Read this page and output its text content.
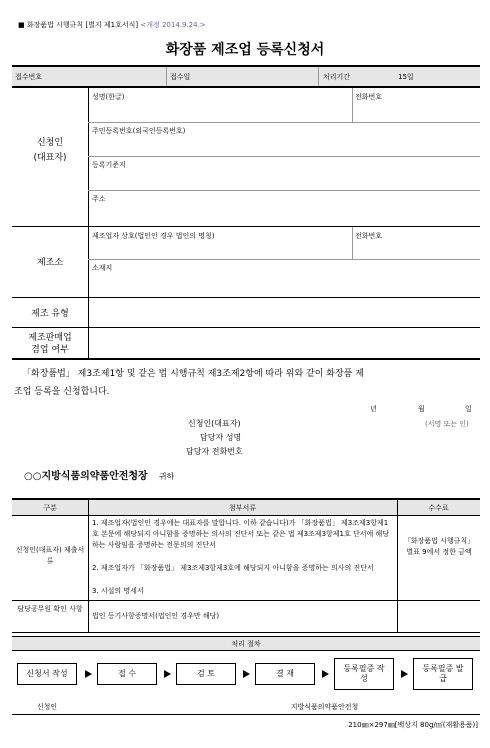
■ 화장품법 시행규칙 [별지 제1호서식] <개정 2014.9.24.>
화장품 제조업 등록신청서
접수번호	접수일	처리기간	15일
신청인
(대표자)
성명(한글)	전화번호
주민등록번호(외국인등록번호)
등록기준지
주소
제조소
제조업자 상호(법인인 경우 법인의 명칭)	전화번호
소재지
제조 유형
제조판매업
겸업 여부
「화장품법」 제3조제1항 및 같은 법 시행규칙 제3조제2항에 따라 위와 같이 화장품 제
조업 등록을 신청합니다.
년	월	일
신청인(대표자)	(서명 또는 인)
담당자 성명
담당자 전화번호
○○지방식품의약품안전청장 귀하
구분	첨부서류	수수료
신청인(대표자) 제출서류
1. 제조업자(법인인 경우에는 대표자를 말합니다. 이하 같습니다)가 「화장품법」 제3조제3항제1호 본문에 해당되지 아니함을 증명하는 의사의 진단서 또는 같은 법 제3조제3항제1호 단서에 해당하는 사람임을 증명하는 전문의의 진단서
2. 제조업자가 「화장품법」 제3조제3항제3호에 해당되지 아니함을 증명하는 의사의 진단서
3. 시설의 명세서
「화장품법 시행규칙」 별표 9에서 정한 금액
담당공무원 확인 사항
법인 등기사항증명서(법인인 경우만 해당)
처리 절차
신청서 작성	접 수	검 토	결 재
등록필증 작성
등록필증 발급
신청인	지방식품의약품안전청
210㎜×297㎜[백상지 80g/㎡(재활용품)]
